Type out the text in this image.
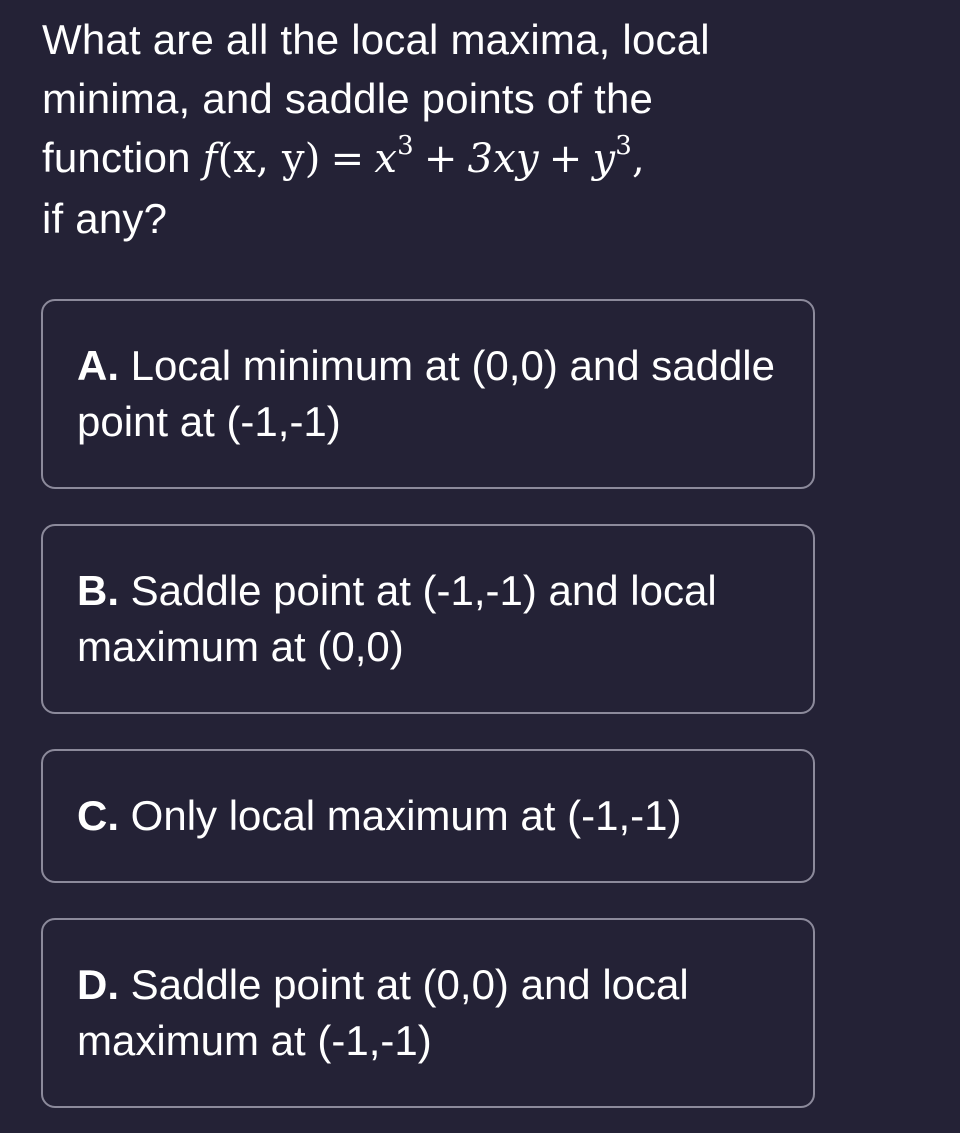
What are all the local maxima, local
minima, and saddle points of the
function f(x, $y) = x^3 + 3xy + y^3$,
if any?
A. Local minimum at (0,0) and saddle point at (-1,-1)
B. Saddle point at (-1,-1) and local maximum at (0,0)
C. Only local maximum at (-1,-1)
D. Saddle point at (0,0) and local maximum at (-1,-1)
